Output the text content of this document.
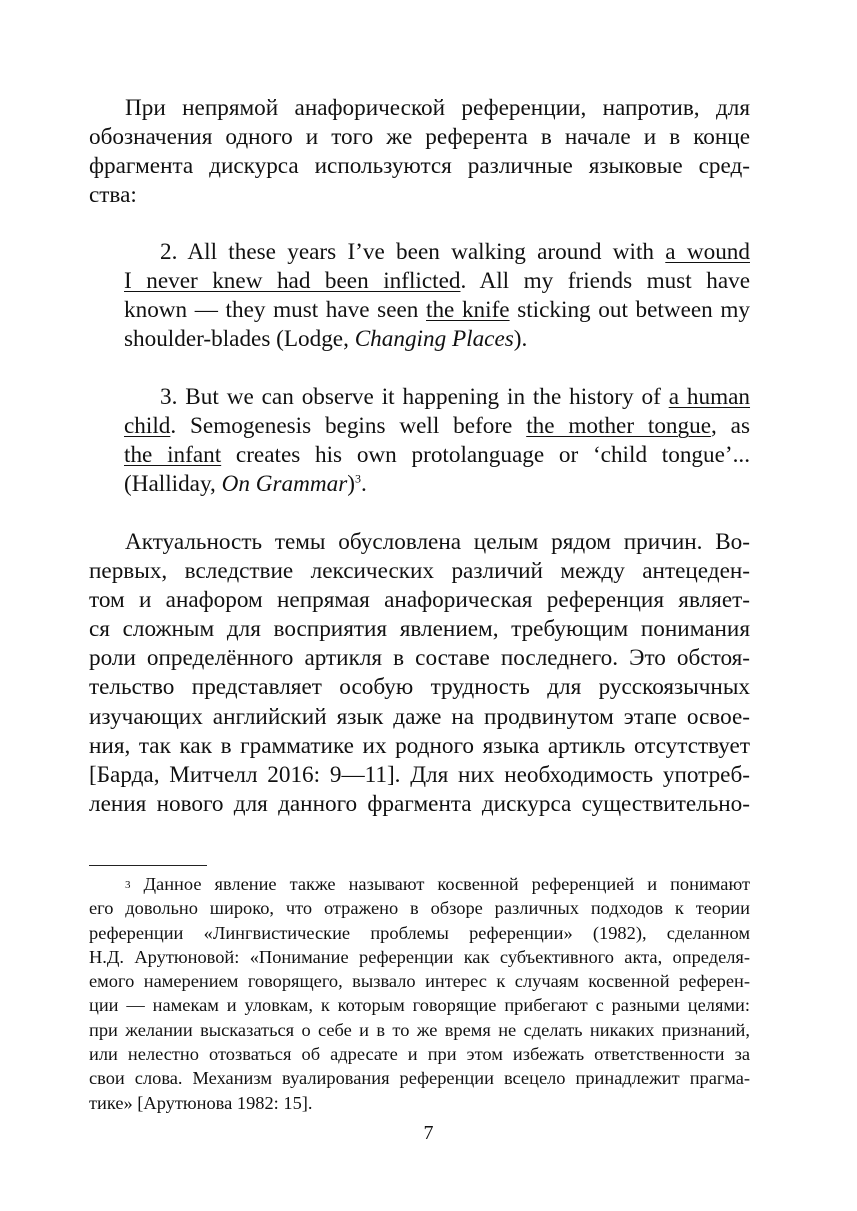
При непрямой анафорической референции, напротив, для
обозначения одного и того же референта в начале и в конце
фрагмента дискурса используются различные языковые сред-
ства:
2. All these years I’ve been walking around with a wound
I never knew had been inflicted. All my friends must have
known — they must have seen the knife sticking out between my
shoulder-blades (Lodge, Changing Places).
3. But we can observe it happening in the history of a human
child. Semogenesis begins well before the mother tongue, as
the infant creates his own protolanguage or ‘child tongue’...
(Halliday, On Grammar)$^3$.
Актуальность темы обусловлена целым рядом причин. Во-
первых, вследствие лексических различий между антецеден-
том и анафором непрямая анафорическая референция являет-
ся сложным для восприятия явлением, требующим понимания
роли определённого артикля в составе последнего. Это обстоя-
тельство представляет особую трудность для русскоязычных
изучающих английский язык даже на продвинутом этапе освое-
ния, так как в грамматике их родного языка артикль отсутствует
[Барда, Митчелл 2016: 9—11]. Для них необходимость употреб-
ления нового для данного фрагмента дискурса существительно-
$^3$ Данное явление также называют косвенной референцией и понимают
его довольно широко, что отражено в обзоре различных подходов к теории
референции «Лингвистические проблемы референции» (1982), сделанном
Н.Д. Арутюновой: «Понимание референции как субъективного акта, определя-
емого намерением говорящего, вызвало интерес к случаям косвенной референ-
ции — намекам и уловкам, к которым говорящие прибегают с разными целями:
при желании высказаться о себе и в то же время не сделать никаких признаний,
или нелестно отозваться об адресате и при этом избежать ответственности за
свои слова. Механизм вуалирования референции всецело принадлежит прагма-
тике» [Арутюнова 1982: 15].
7
